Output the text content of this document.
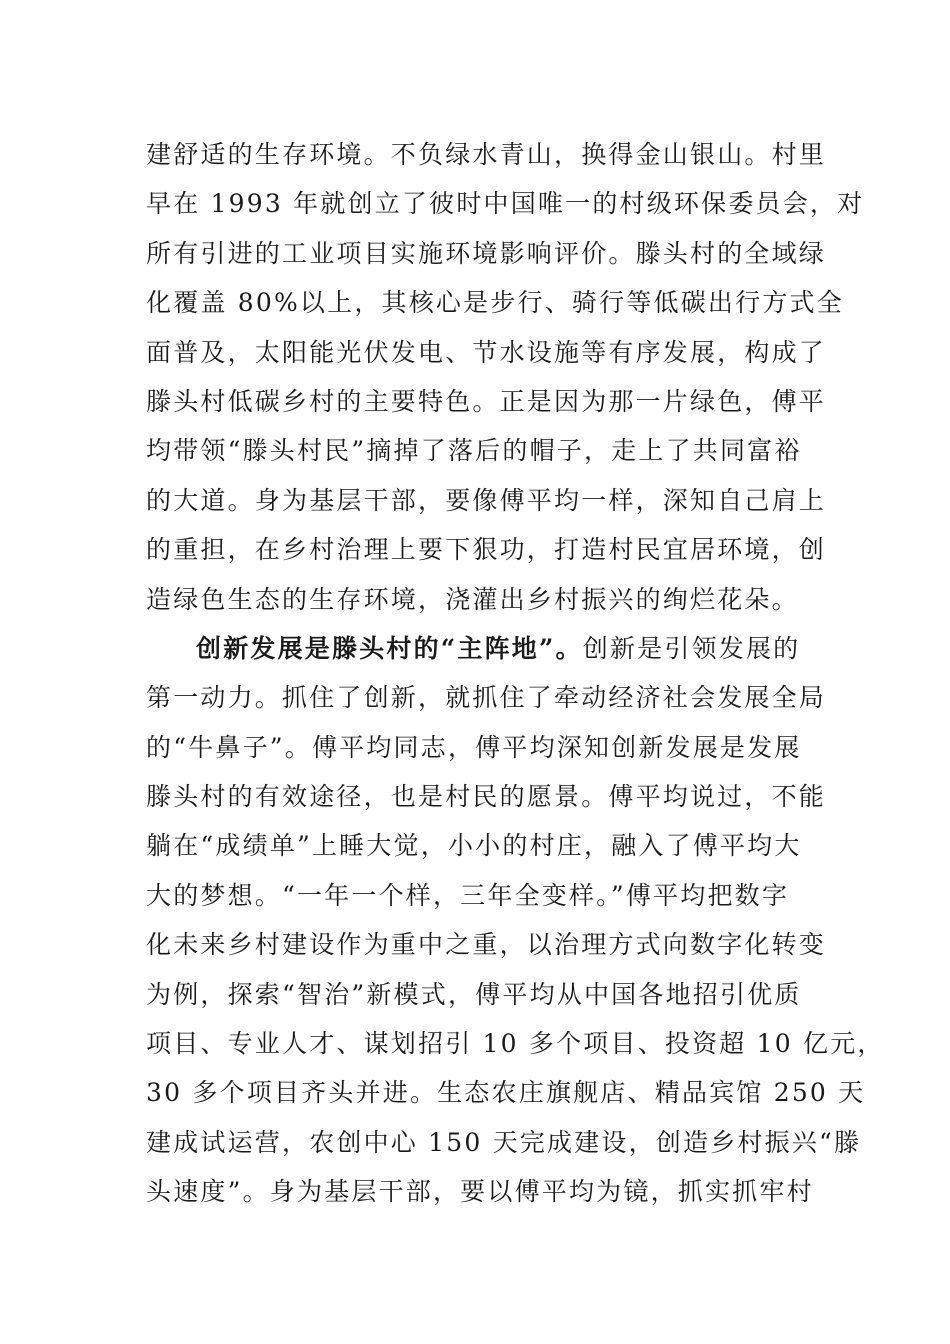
建舒适的生存环境。不负绿水青山，换得金山银山。村里
早在 1993 年就创立了彼时中国唯一的村级环保委员会，对
所有引进的工业项目实施环境影响评价。滕头村的全域绿
化覆盖 80%以上，其核心是步行、骑行等低碳出行方式全
面普及，太阳能光伏发电、节水设施等有序发展，构成了
滕头村低碳乡村的主要特色。正是因为那一片绿色，傅平
均带领“滕头村民”摘掉了落后的帽子，走上了共同富裕
的大道。身为基层干部，要像傅平均一样，深知自己肩上
的重担，在乡村治理上要下狠功，打造村民宜居环境，创
造绿色生态的生存环境，浇灌出乡村振兴的绚烂花朵。
创新发展是滕头村的“主阵地”。创新是引领发展的
第一动力。抓住了创新，就抓住了牵动经济社会发展全局
的“牛鼻子”。傅平均同志，傅平均深知创新发展是发展
滕头村的有效途径，也是村民的愿景。傅平均说过，不能
躺在“成绩单”上睡大觉，小小的村庄，融入了傅平均大
大的梦想。“一年一个样，三年全变样。”傅平均把数字
化未来乡村建设作为重中之重，以治理方式向数字化转变
为例，探索“智治”新模式，傅平均从中国各地招引优质
项目、专业人才、谋划招引 10 多个项目、投资超 10 亿元，
30 多个项目齐头并进。生态农庄旗舰店、精品宾馆 250 天
建成试运营，农创中心 150 天完成建设，创造乡村振兴“滕
头速度”。身为基层干部，要以傅平均为镜，抓实抓牢村
